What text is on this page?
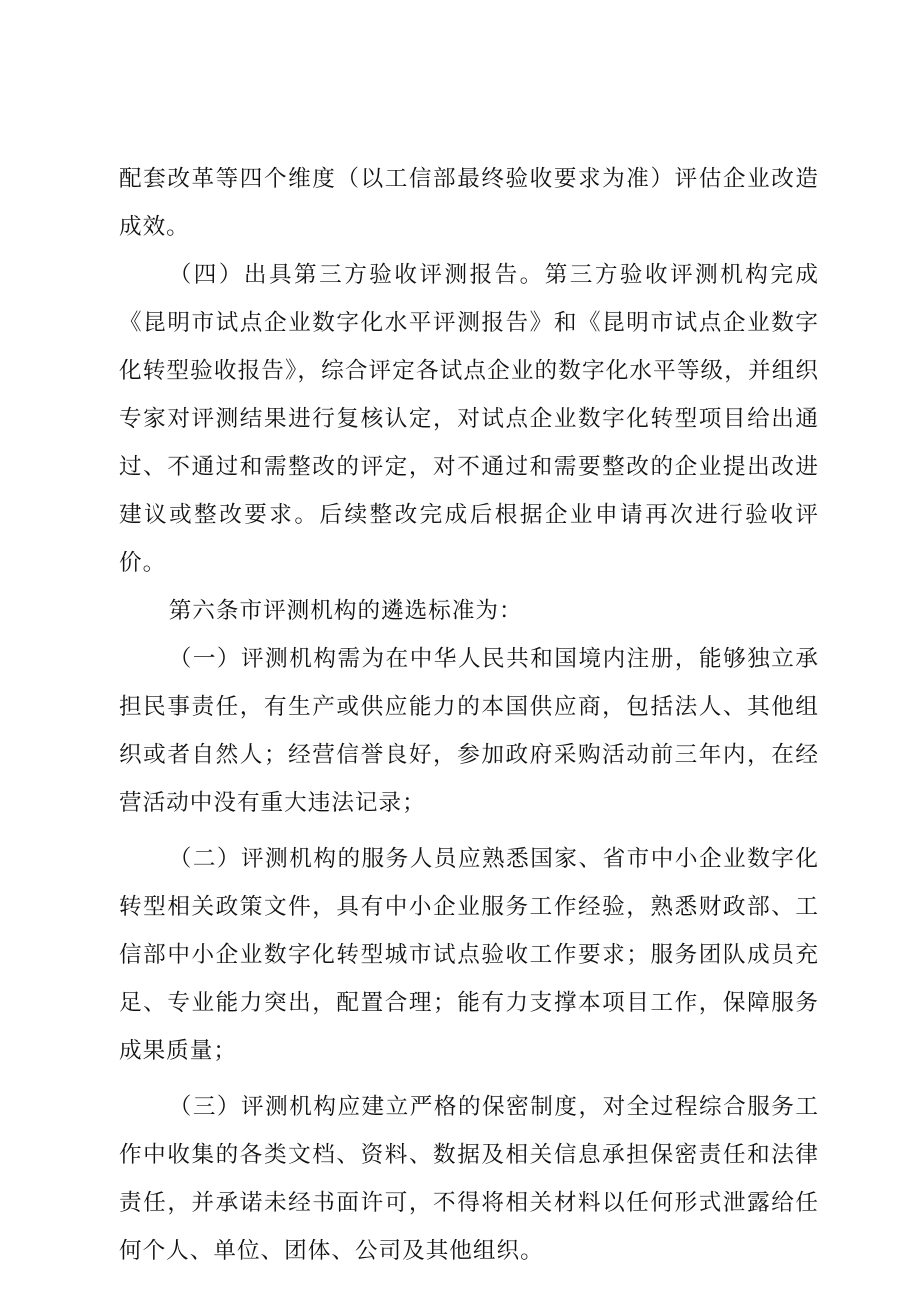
配套改革等四个维度（以工信部最终验收要求为准）评估企业改造成效。

（四）出具第三方验收评测报告。第三方验收评测机构完成《昆明市试点企业数字化水平评测报告》和《昆明市试点企业数字化转型验收报告》，综合评定各试点企业的数字化水平等级，并组织专家对评测结果进行复核认定，对试点企业数字化转型项目给出通过、不通过和需整改的评定，对不通过和需要整改的企业提出改进建议或整改要求。后续整改完成后根据企业申请再次进行验收评价。

第六条市评测机构的遴选标准为：

（一）评测机构需为在中华人民共和国境内注册，能够独立承担民事责任，有生产或供应能力的本国供应商，包括法人、其他组织或者自然人；经营信誉良好，参加政府采购活动前三年内，在经营活动中没有重大违法记录；

（二）评测机构的服务人员应熟悉国家、省市中小企业数字化转型相关政策文件，具有中小企业服务工作经验，熟悉财政部、工信部中小企业数字化转型城市试点验收工作要求；服务团队成员充足、专业能力突出，配置合理；能有力支撑本项目工作，保障服务成果质量；

（三）评测机构应建立严格的保密制度，对全过程综合服务工作中收集的各类文档、资料、数据及相关信息承担保密责任和法律责任，并承诺未经书面许可，不得将相关材料以任何形式泄露给任何个人、单位、团体、公司及其他组织。
